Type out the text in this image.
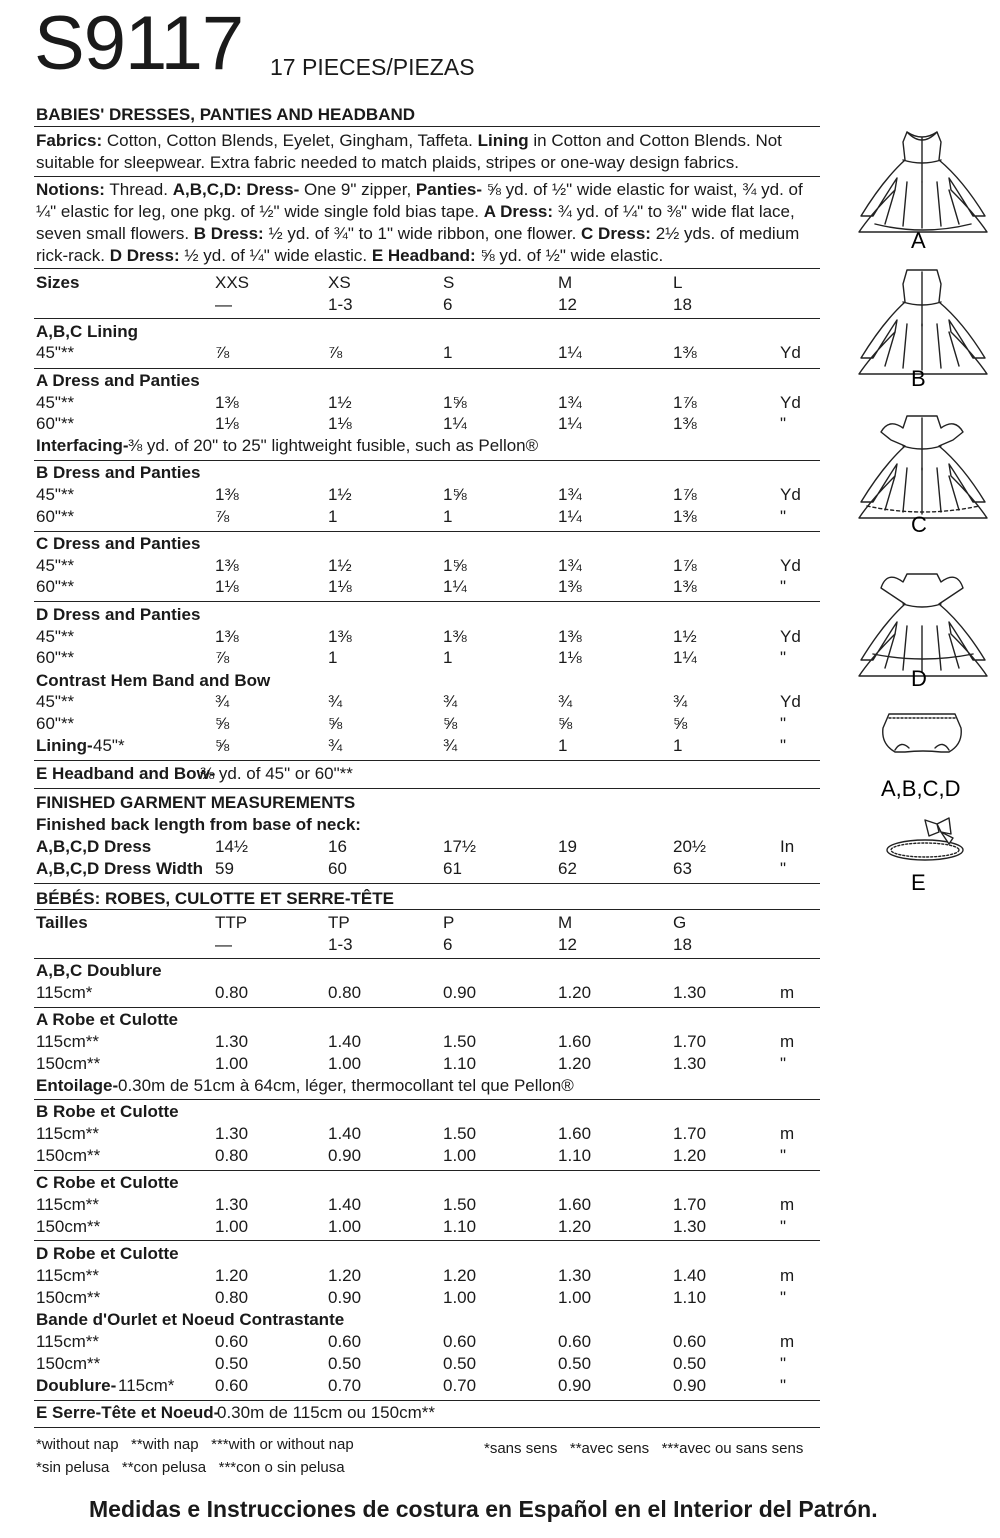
S9117 17 PIECES/PIEZAS
BABIES' DRESSES, PANTIES AND HEADBAND
Fabrics: Cotton, Cotton Blends, Eyelet, Gingham, Taffeta. Lining in Cotton and Cotton Blends. Not
suitable for sleepwear. Extra fabric needed to match plaids, stripes or one-way design fabrics.
Notions: Thread. A,B,C,D: Dress- One 9" zipper, Panties- ⅝ yd. of ½" wide elastic for waist, ¾ yd. of
¼" elastic for leg, one pkg. of ½" wide single fold bias tape. A Dress: ¾ yd. of ¼" to ⅜" wide flat lace,
seven small flowers. B Dress: ½ yd. of ¾" to 1" wide ribbon, one flower. C Dress: 2½ yds. of medium
rick-rack. D Dress: ½ yd. of ¼" wide elastic. E Headband: ⅝ yd. of ½" wide elastic.
*without nap   **with nap   ***with or without nap
*sin pelusa   **con pelusa   ***con o sin pelusa
*sans sens   **avec sens   ***avec ou sans sens
Medidas e Instrucciones de costura en Español en el Interior del Patrón.
A
B
C
D
A,B,C,D
E
Sizes	XXS	XS	S	M	L
—	1-3	6	12	18
A,B,C Lining
45"**	⅞	⅞	1	1¼	1⅜	Yd
A Dress and Panties
45"**	1⅜	1½	1⅝	1¾	1⅞	Yd
60"**	1⅛	1⅛	1¼	1¼	1⅜	"
Interfacing- ⅜ yd. of 20" to 25" lightweight fusible, such as Pellon®
B Dress and Panties
45"**	1⅜	1½	1⅝	1¾	1⅞	Yd
60"**	⅞	1	1	1¼	1⅜	"
C Dress and Panties
45"**	1⅜	1½	1⅝	1¾	1⅞	Yd
60"**	1⅛	1⅛	1¼	1⅜	1⅜	"
D Dress and Panties
45"**	1⅜	1⅜	1⅜	1⅜	1½	Yd
60"**	⅞	1	1	1⅛	1¼	"
Contrast Hem Band and Bow
45"**	¾	¾	¾	¾	¾	Yd
60"**	⅝	⅝	⅝	⅝	⅝	"
Lining- 45"*	⅝	¾	¾	1	1	"
E Headband and Bow-
⅜ yd. of 45" or 60"**
FINISHED GARMENT MEASUREMENTS
Finished back length from base of neck:
A,B,C,D Dress	14½	16	17½	19	20½	In
A,B,C,D Dress Width 59	60	61	62	63	"
BÉBÉS: ROBES, CULOTTE ET SERRE-TÊTE
Tailles	TTP	TP	P	M	G
—	1-3	6	12	18
A,B,C Doublure
115cm*	0.80	0.80	0.90	1.20	1.30	m
A Robe et Culotte
115cm**	1.30	1.40	1.50	1.60	1.70	m
150cm**	1.00	1.00	1.10	1.20	1.30	"
Entoilage- 0.30m de 51cm à 64cm, léger, thermocollant tel que Pellon®
B Robe et Culotte
115cm**	1.30	1.40	1.50	1.60	1.70	m
150cm**	0.80	0.90	1.00	1.10	1.20	"
C Robe et Culotte
115cm**	1.30	1.40	1.50	1.60	1.70	m
150cm**	1.00	1.00	1.10	1.20	1.30	"
D Robe et Culotte
115cm**	1.20	1.20	1.20	1.30	1.40	m
150cm**	0.80	0.90	1.00	1.00	1.10	"
Bande d'Ourlet et Noeud Contrastante
115cm**	0.60	0.60	0.60	0.60	0.60	m
150cm**	0.50	0.50	0.50	0.50	0.50	"
Doublure- 115cm* 0.60	0.70	0.70	0.90	0.90	"
E Serre-Tête et Noeud-
0.30m de 115cm ou 150cm**
